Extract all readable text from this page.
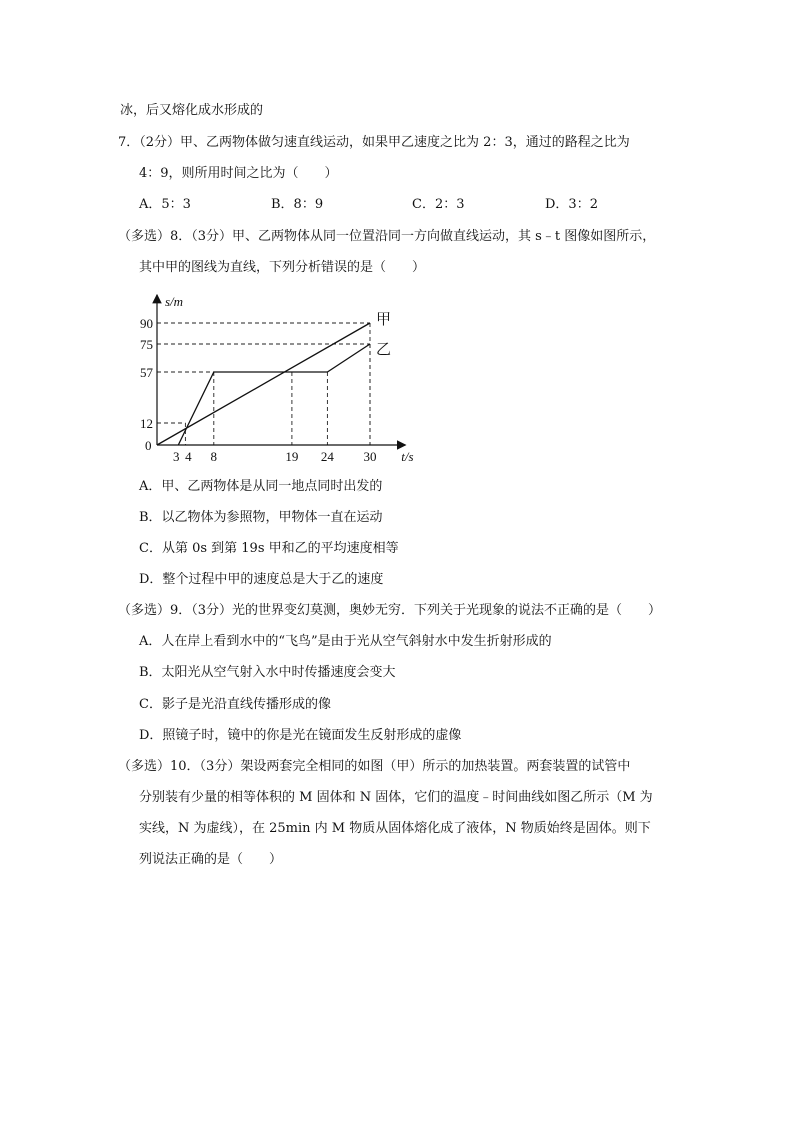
冰，后又熔化成水形成的
7．（2分）甲、乙两物体做匀速直线运动，如果甲乙速度之比为 2：3，通过的路程之比为
4：9，则所用时间之比为（　　）
A．5：3	B．8：9	C．2：3	D．3：2
（多选）8．（3分）甲、乙两物体从同一位置沿同一方向做直线运动，其 s﹣t 图像如图所示，
其中甲的图线为直线，下列分析错误的是（　　）
3 4 8	19 24 30
12
57
75
90
s/m
t/s
0
甲
乙
A．甲、乙两物体是从同一地点同时出发的
B．以乙物体为参照物，甲物体一直在运动
C．从第 0s 到第 19s 甲和乙的平均速度相等
D．整个过程中甲的速度总是大于乙的速度
（多选）9．（3分）光的世界变幻莫测，奥妙无穷．下列关于光现象的说法不正确的是（　　）
A．人在岸上看到水中的“飞鸟”是由于光从空气斜射水中发生折射形成的
B．太阳光从空气射入水中时传播速度会变大
C．影子是光沿直线传播形成的像
D．照镜子时，镜中的你是光在镜面发生反射形成的虚像
（多选）10．（3分）架设两套完全相同的如图（甲）所示的加热装置。两套装置的试管中
分别装有少量的相等体积的 M 固体和 N 固体，它们的温度﹣时间曲线如图乙所示（M 为
实线，N 为虚线），在 25min 内 M 物质从固体熔化成了液体，N 物质始终是固体。则下
列说法正确的是（　　）
